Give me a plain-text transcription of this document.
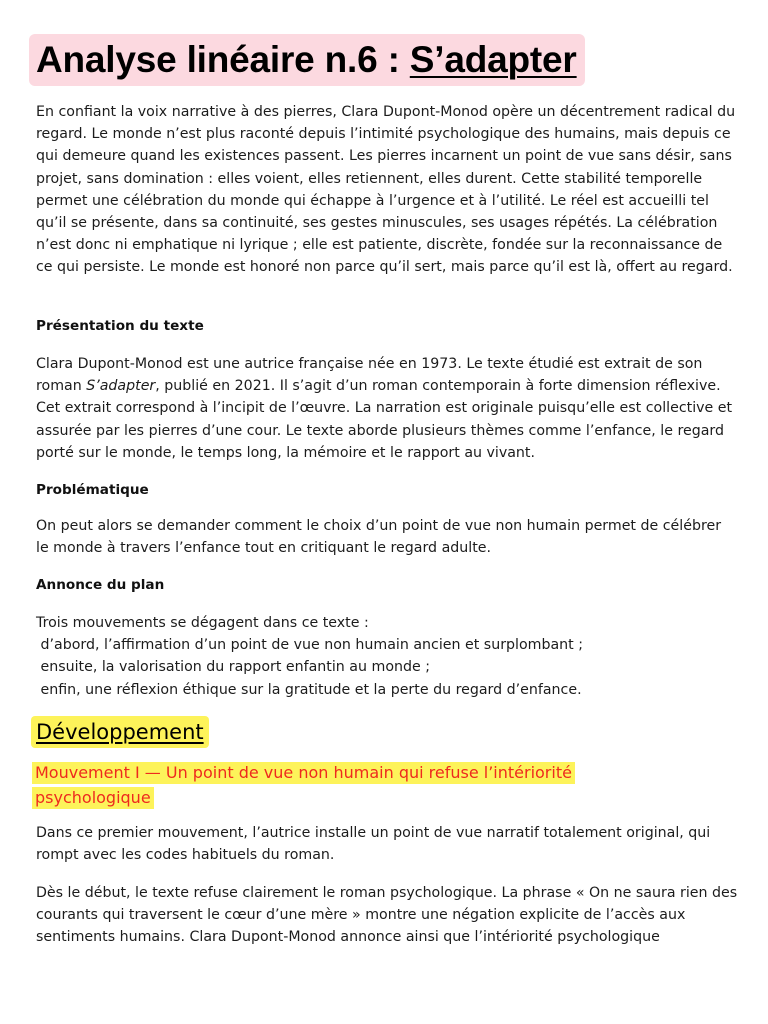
Analyse linéaire n.6 : S’adapter

En confiant la voix narrative à des pierres, Clara Dupont-Monod opère un décentrement radical du regard. Le monde n’est plus raconté depuis l’intimité psychologique des humains, mais depuis ce qui demeure quand les existences passent. Les pierres incarnent un point de vue sans désir, sans projet, sans domination : elles voient, elles retiennent, elles durent. Cette stabilité temporelle permet une célébration du monde qui échappe à l’urgence et à l’utilité. Le réel est accueilli tel qu’il se présente, dans sa continuité, ses gestes minuscules, ses usages répétés. La célébration n’est donc ni emphatique ni lyrique ; elle est patiente, discrète, fondée sur la reconnaissance de ce qui persiste. Le monde est honoré non parce qu’il sert, mais parce qu’il est là, offert au regard.

Présentation du texte

Clara Dupont-Monod est une autrice française née en 1973. Le texte étudié est extrait de son roman S’adapter, publié en 2021. Il s’agit d’un roman contemporain à forte dimension réflexive. Cet extrait correspond à l’incipit de l’œuvre. La narration est originale puisqu’elle est collective et assurée par les pierres d’une cour. Le texte aborde plusieurs thèmes comme l’enfance, le regard porté sur le monde, le temps long, la mémoire et le rapport au vivant.

Problématique

On peut alors se demander comment le choix d’un point de vue non humain permet de célébrer le monde à travers l’enfance tout en critiquant le regard adulte.

Annonce du plan
Trois mouvements se dégagent dans ce texte :
d’abord, l’affirmation d’un point de vue non humain ancien et surplombant ;
ensuite, la valorisation du rapport enfantin au monde ;
enfin, une réflexion éthique sur la gratitude et la perte du regard d’enfance.
Développement
Mouvement I — Un point de vue non humain qui refuse l’intériorité
psychologique

Dans ce premier mouvement, l’autrice installe un point de vue narratif totalement original, qui rompt avec les codes habituels du roman.

Dès le début, le texte refuse clairement le roman psychologique. La phrase « On ne saura rien des courants qui traversent le cœur d’une mère » montre une négation explicite de l’accès aux sentiments humains. Clara Dupont-Monod annonce ainsi que l’intériorité psychologique
